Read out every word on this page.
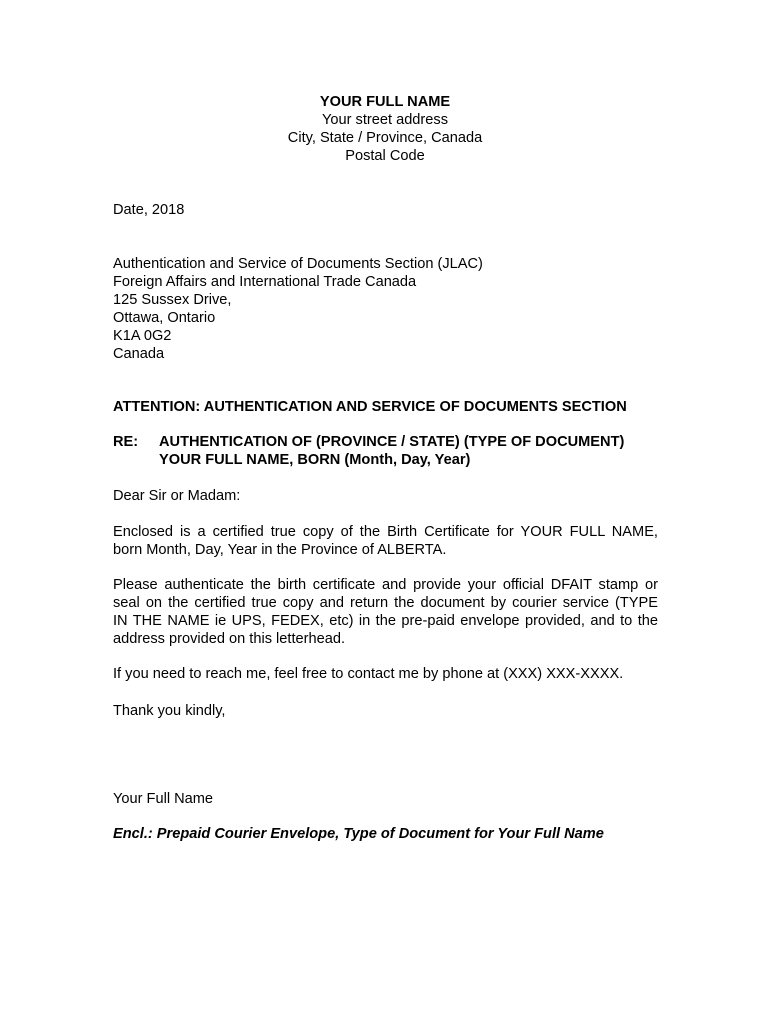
YOUR FULL NAME
Your street address
City, State / Province, Canada
Postal Code
Date, 2018
Authentication and Service of Documents Section (JLAC)
Foreign Affairs and International Trade Canada
125 Sussex Drive,
Ottawa, Ontario
K1A 0G2
Canada
ATTENTION: AUTHENTICATION AND SERVICE OF DOCUMENTS SECTION
RE:	AUTHENTICATION OF (PROVINCE / STATE) (TYPE OF DOCUMENT)
YOUR FULL NAME, BORN (Month, Day, Year)
Dear Sir or Madam:
Enclosed is a certified true copy of the Birth Certificate for YOUR FULL NAME,
born Month, Day, Year in the Province of ALBERTA.
Please authenticate the birth certificate and provide your official DFAIT stamp or
seal on the certified true copy and return the document by courier service (TYPE
IN THE NAME ie UPS, FEDEX, etc) in the pre-paid envelope provided, and to the
address provided on this letterhead.
If you need to reach me, feel free to contact me by phone at (XXX) XXX-XXXX.
Thank you kindly,
Your Full Name
Encl.: Prepaid Courier Envelope, Type of Document for Your Full Name
